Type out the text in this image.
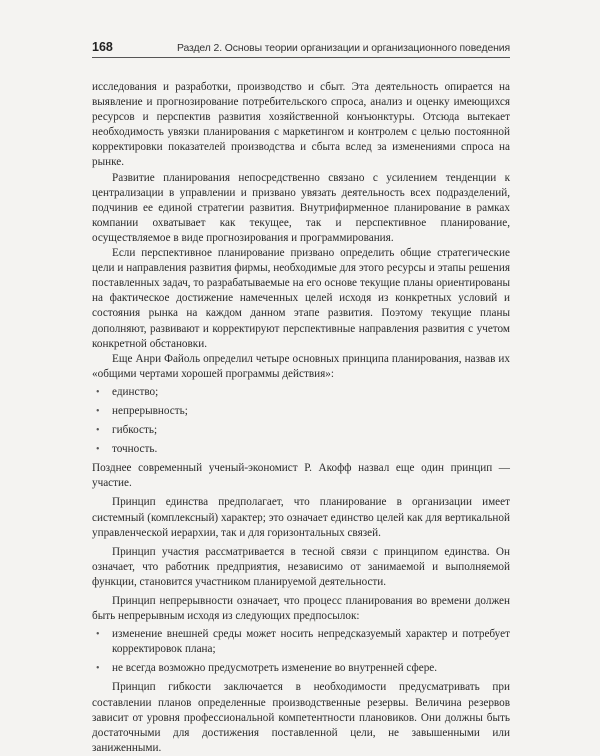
168	Раздел 2. Основы теории организации и организационного поведения

исследования и разработки, производство и сбыт. Эта деятельность опирается на выявление и прогнозирование потребительского спроса, анализ и оценку имеющихся ресурсов и перспектив развития хозяйственной конъюнктуры. Отсюда вытекает необходимость увязки планирования с маркетингом и контролем с целью постоянной корректировки показателей производства и сбыта вслед за изменениями спроса на рынке.

Развитие планирования непосредственно связано с усилением тенденции к централизации в управлении и призвано увязать деятельность всех подразделений, подчинив ее единой стратегии развития. Внутрифирменное планирование в рамках компании охватывает как текущее, так и перспективное планирование, осуществляемое в виде прогнозирования и программирования.

Если перспективное планирование призвано определить общие стратегические цели и направления развития фирмы, необходимые для этого ресурсы и этапы решения поставленных задач, то разрабатываемые на его основе текущие планы ориентированы на фактическое достижение намеченных целей исходя из конкретных условий и состояния рынка на каждом данном этапе развития. Поэтому текущие планы дополняют, развивают и корректируют перспективные направления развития с учетом конкретной обстановки.

Еще Анри Файоль определил четыре основных принципа планирования, назвав их «общими чертами хорошей программы действия»:

• единство;
• непрерывность;
• гибкость;
• точность.

Позднее современный ученый-экономист Р. Акофф назвал еще один принцип — участие.

Принцип единства предполагает, что планирование в организации имеет системный (комплексный) характер; это означает единство целей как для вертикальной управленческой иерархии, так и для горизонтальных связей.

Принцип участия рассматривается в тесной связи с принципом единства. Он означает, что работник предприятия, независимо от занимаемой и выполняемой функции, становится участником планируемой деятельности.

Принцип непрерывности означает, что процесс планирования во времени должен быть непрерывным исходя из следующих предпосылок:

• изменение внешней среды может носить непредсказуемый характер и потребует корректировок плана;
• не всегда возможно предусмотреть изменение во внутренней сфере.

Принцип гибкости заключается в необходимости предусматривать при составлении планов определенные производственные резервы. Величина резервов зависит от уровня профессиональной компетентности плановиков. Они должны быть достаточными для достижения поставленной цели, не завышенными или заниженными.
